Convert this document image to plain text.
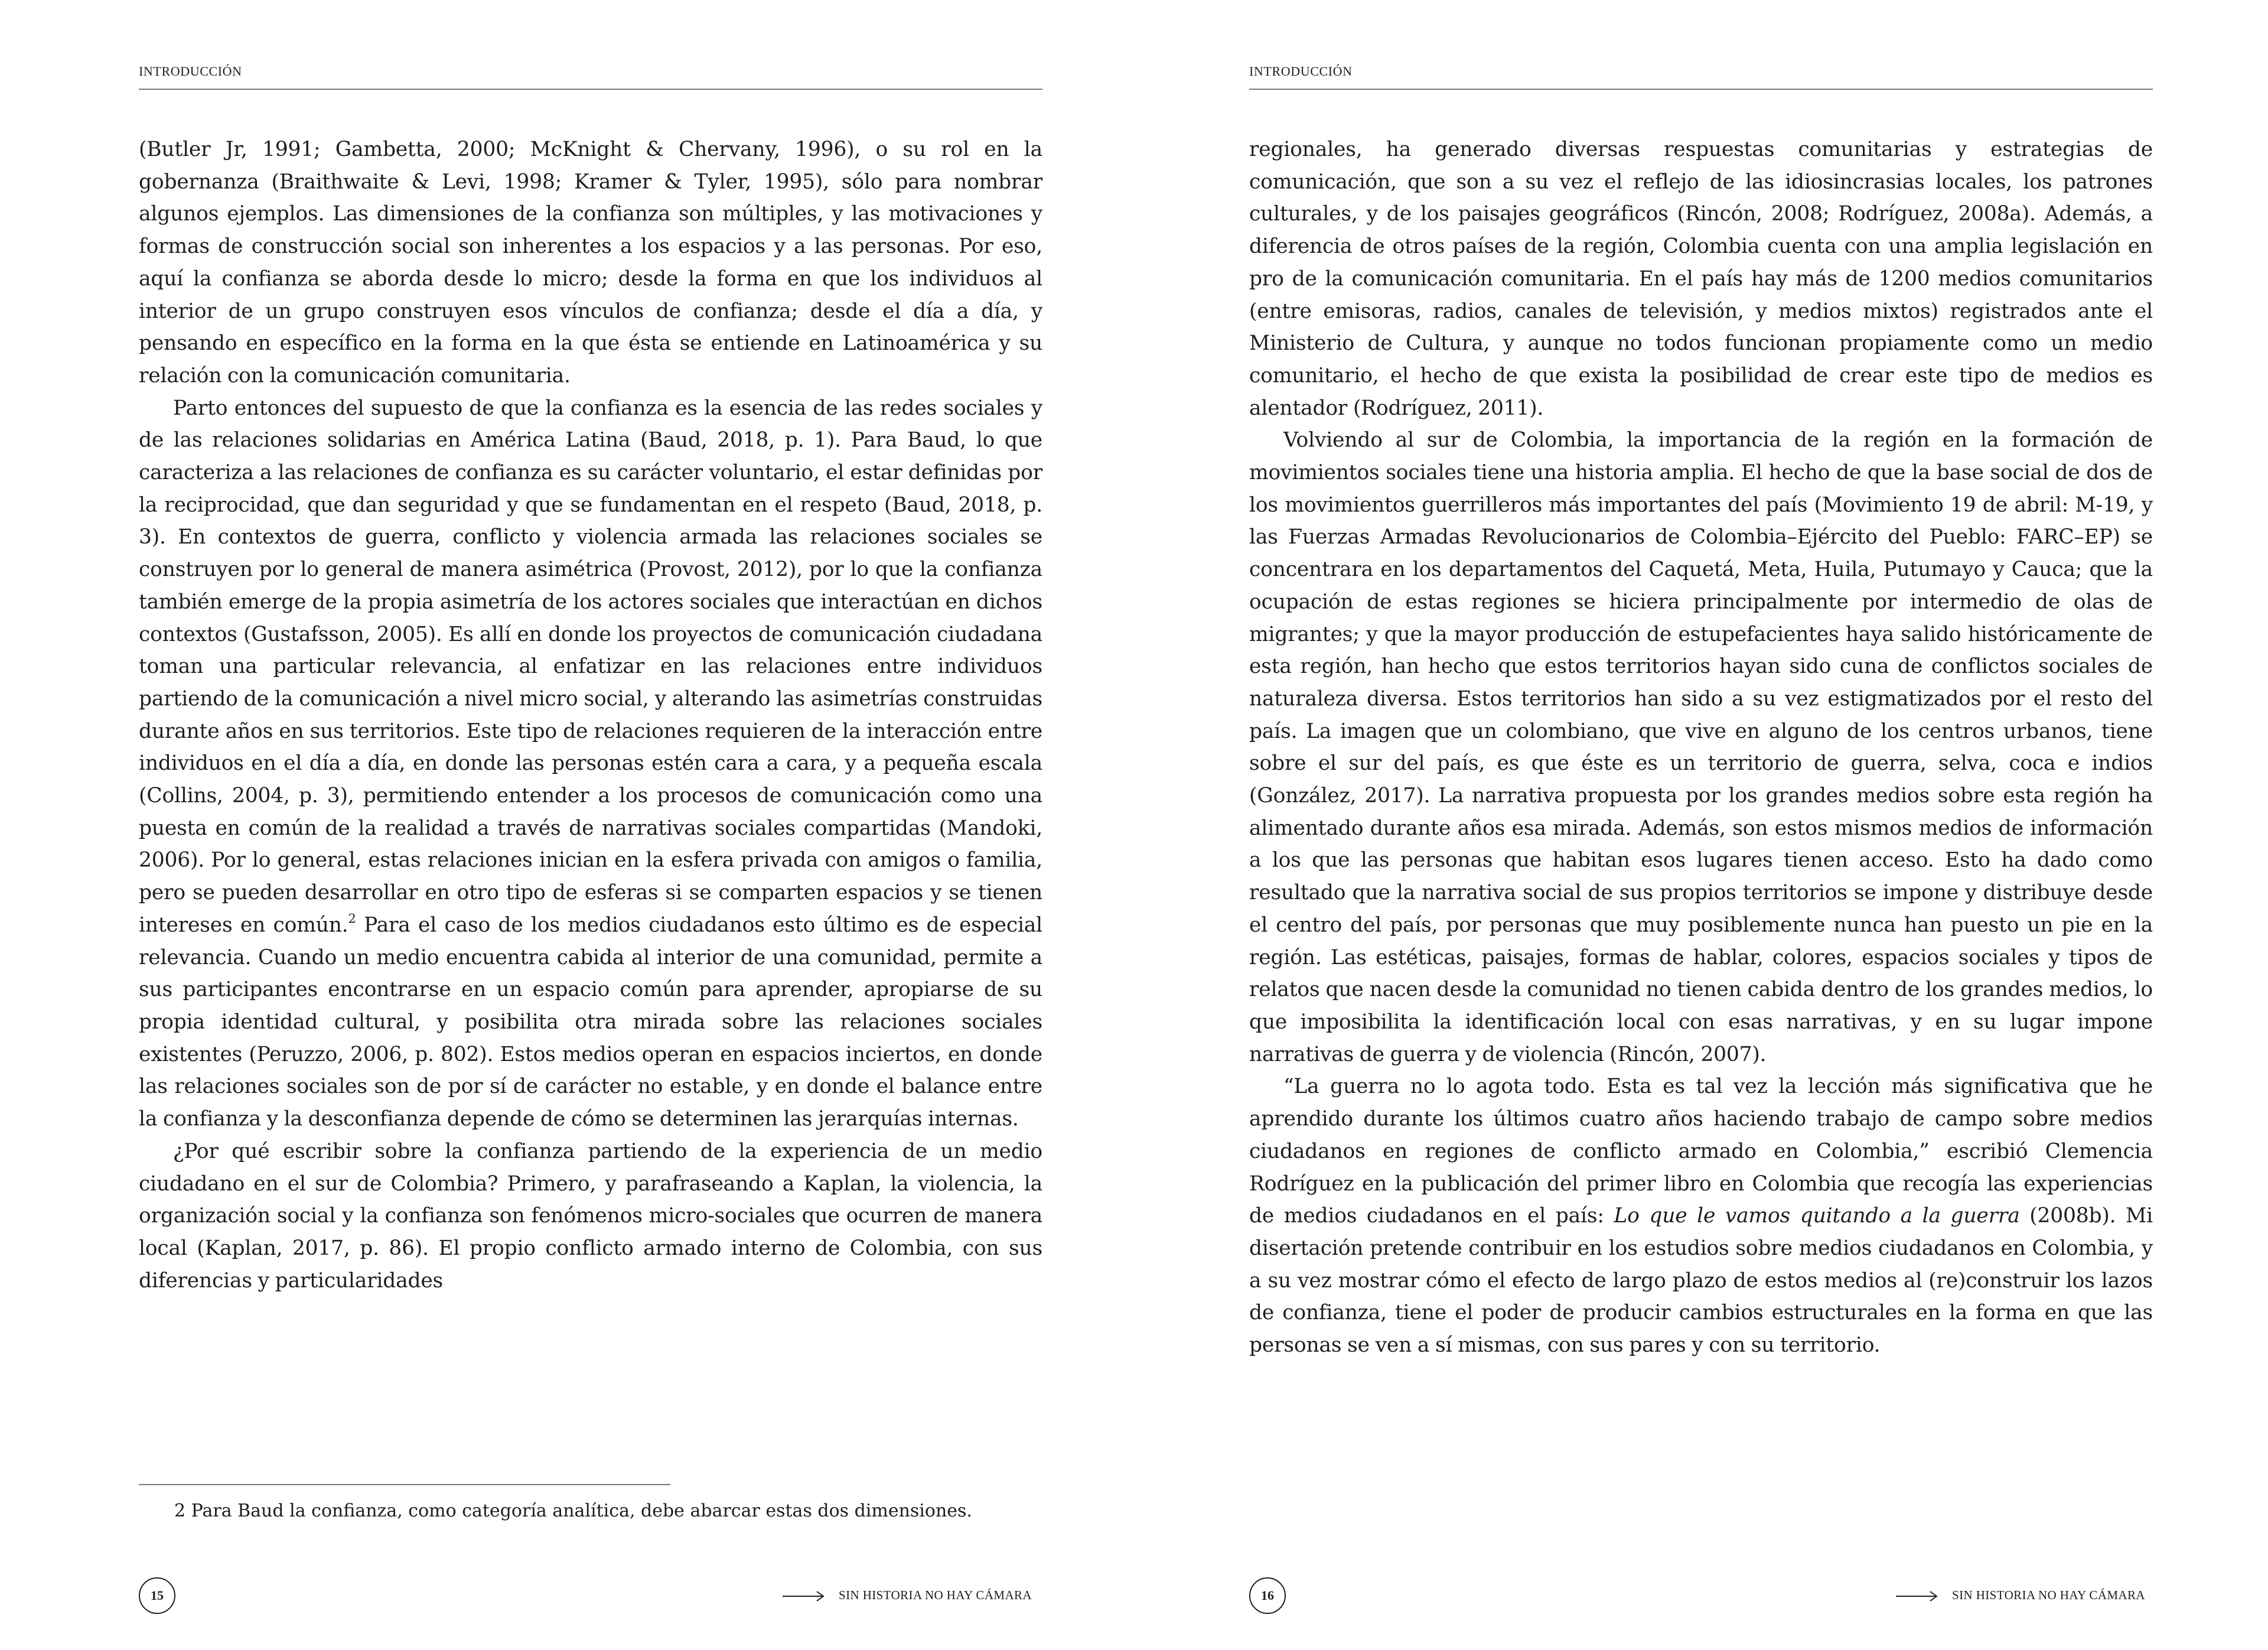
INTRODUCCIÓN

(Butler Jr, 1991; Gambetta, 2000; McKnight & Chervany, 1996), o su rol en la gobernanza (Braithwaite & Levi, 1998; Kramer & Tyler, 1995), sólo para nombrar algunos ejemplos. Las dimensiones de la confianza son múltiples, y las motivaciones y formas de construcción social son inherentes a los espacios y a las personas. Por eso, aquí la confianza se aborda desde lo micro; desde la forma en que los individuos al interior de un grupo construyen esos vínculos de confianza; desde el día a día, y pensando en específico en la forma en la que ésta se entiende en Latinoamérica y su relación con la comunicación comunitaria.

Parto entonces del supuesto de que la confianza es la esencia de las redes sociales y de las relaciones solidarias en América Latina (Baud, 2018, p. 1). Para Baud, lo que caracteriza a las relaciones de confianza es su carácter voluntario, el estar definidas por la reciprocidad, que dan seguridad y que se fundamentan en el respeto (Baud, 2018, p. 3). En contextos de guerra, conflicto y violencia armada las relaciones sociales se construyen por lo general de manera asimétrica (Provost, 2012), por lo que la confianza también emerge de la propia asimetría de los actores sociales que interactúan en dichos contextos (Gustafsson, 2005). Es allí en donde los proyectos de comunicación ciudadana toman una particular relevancia, al enfatizar en las relaciones entre individuos partiendo de la comunicación a nivel micro social, y alterando las asimetrías construidas durante años en sus territorios. Este tipo de relaciones requieren de la interacción entre individuos en el día a día, en donde las personas estén cara a cara, y a pequeña escala (Collins, 2004, p. 3), permitiendo entender a los procesos de comunicación como una puesta en común de la realidad a través de narrativas sociales compartidas (Mandoki, 2006). Por lo general, estas relaciones inician en la esfera privada con amigos o familia, pero se pueden desarrollar en otro tipo de esferas si se comparten espacios y se tienen intereses en común.$^2$ Para el caso de los medios ciudadanos esto último es de especial relevancia. Cuando un medio encuentra cabida al interior de una comunidad, permite a sus participantes encontrarse en un espacio común para aprender, apropiarse de su propia identidad cultural, y posibilita otra mirada sobre las relaciones sociales existentes (Peruzzo, 2006, p. 802). Estos medios operan en espacios inciertos, en donde las relaciones sociales son de por sí de carácter no estable, y en donde el balance entre la confianza y la desconfianza depende de cómo se determinen las jerarquías internas.

¿Por qué escribir sobre la confianza partiendo de la experiencia de un medio ciudadano en el sur de Colombia? Primero, y parafraseando a Kaplan, la violencia, la organización social y la confianza son fenómenos micro-sociales que ocurren de manera local (Kaplan, 2017, p. 86). El propio conflicto armado interno de Colombia, con sus diferencias y particularidades

2 Para Baud la confianza, como categoría analítica, debe abarcar estas dos dimensiones.
15	SIN HISTORIA NO HAY CÁMARA
INTRODUCCIÓN

regionales, ha generado diversas respuestas comunitarias y estrategias de comunicación, que son a su vez el reflejo de las idiosincrasias locales, los patrones culturales, y de los paisajes geográficos (Rincón, 2008; Rodríguez, 2008a). Además, a diferencia de otros países de la región, Colombia cuenta con una amplia legislación en pro de la comunicación comunitaria. En el país hay más de 1200 medios comunitarios (entre emisoras, radios, canales de televisión, y medios mixtos) registrados ante el Ministerio de Cultura, y aunque no todos funcionan propiamente como un medio comunitario, el hecho de que exista la posibilidad de crear este tipo de medios es alentador (Rodríguez, 2011).

Volviendo al sur de Colombia, la importancia de la región en la formación de movimientos sociales tiene una historia amplia. El hecho de que la base social de dos de los movimientos guerrilleros más importantes del país (Movimiento 19 de abril: M-19, y las Fuerzas Armadas Revolucionarios de Colombia–Ejército del Pueblo: FARC–EP) se concentrara en los departamentos del Caquetá, Meta, Huila, Putumayo y Cauca; que la ocupación de estas regiones se hiciera principalmente por intermedio de olas de migrantes; y que la mayor producción de estupefacientes haya salido históricamente de esta región, han hecho que estos territorios hayan sido cuna de conflictos sociales de naturaleza diversa. Estos territorios han sido a su vez estigmatizados por el resto del país. La imagen que un colombiano, que vive en alguno de los centros urbanos, tiene sobre el sur del país, es que éste es un territorio de guerra, selva, coca e indios (González, 2017). La narrativa propuesta por los grandes medios sobre esta región ha alimentado durante años esa mirada. Además, son estos mismos medios de información a los que las personas que habitan esos lugares tienen acceso. Esto ha dado como resultado que la narrativa social de sus propios territorios se impone y distribuye desde el centro del país, por personas que muy posiblemente nunca han puesto un pie en la región. Las estéticas, paisajes, formas de hablar, colores, espacios sociales y tipos de relatos que nacen desde la comunidad no tienen cabida dentro de los grandes medios, lo que imposibilita la identificación local con esas narrativas, y en su lugar impone narrativas de guerra y de violencia (Rincón, 2007).

“La guerra no lo agota todo. Esta es tal vez la lección más significativa que he aprendido durante los últimos cuatro años haciendo trabajo de campo sobre medios ciudadanos en regiones de conflicto armado en Colombia,” escribió Clemencia Rodríguez en la publicación del primer libro en Colombia que recogía las experiencias de medios ciudadanos en el país: Lo que le vamos quitando a la guerra (2008b). Mi disertación pretende contribuir en los estudios sobre medios ciudadanos en Colombia, y a su vez mostrar cómo el efecto de largo plazo de estos medios al (re)construir los lazos de confianza, tiene el poder de producir cambios estructurales en la forma en que las personas se ven a sí mismas, con sus pares y con su territorio.

16	SIN HISTORIA NO HAY CÁMARA
